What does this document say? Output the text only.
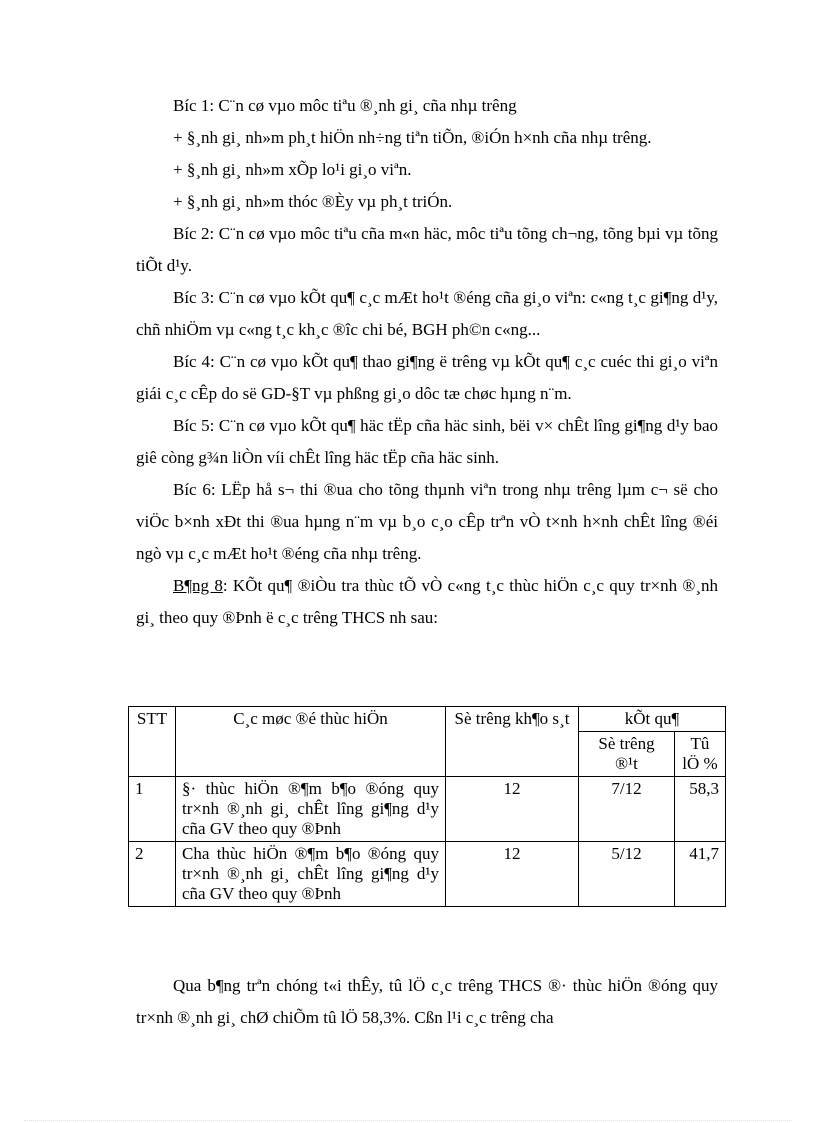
Bíc 1: C¨n cø vµo môc tiªu ®¸nh gi¸ cña nhµ trêng

+ §¸nh gi¸ nh»m ph¸t hiÖn nh÷ng tiªn tiÕn, ®iÓn h×nh cña nhµ trêng.

+ §¸nh gi¸ nh»m xÕp lo¹i gi¸o viªn.

+ §¸nh gi¸ nh»m thóc ®Èy vµ ph¸t triÓn.

Bíc 2: C¨n cø vµo môc tiªu cña m«n häc, môc tiªu tõng ch¬ng, tõng bµi vµ tõng tiÕt d¹y.

Bíc 3: C¨n cø vµo kÕt qu¶ c¸c mÆt ho¹t ®éng cña gi¸o viªn: c«ng t¸c gi¶ng d¹y, chñ nhiÖm vµ c«ng t¸c kh¸c ®îc chi bé, BGH ph©n c«ng...

Bíc 4: C¨n cø vµo kÕt qu¶ thao gi¶ng ë trêng vµ kÕt qu¶ c¸c cuéc thi gi¸o viªn giái c¸c cÊp do së GD-§T vµ phßng gi¸o dôc tæ chøc hµng n¨m.

Bíc 5: C¨n cø vµo kÕt qu¶ häc tËp cña häc sinh, bëi v× chÊt lîng gi¶ng d¹y bao giê còng g¾n liÒn víi chÊt lîng häc tËp cña häc sinh.

Bíc 6: LËp hå s¬ thi ®ua cho tõng thµnh viªn trong nhµ trêng lµm c¬ së cho viÖc b×nh xÐt thi ®ua hµng n¨m vµ b¸o c¸o cÊp trªn vÒ t×nh h×nh chÊt lîng ®éi ngò vµ c¸c mÆt ho¹t ®éng cña nhµ trêng.

B¶ng 8: KÕt qu¶ ®iÒu tra thùc tÕ vÒ c«ng t¸c thùc hiÖn c¸c quy tr×nh ®¸nh gi¸ theo quy ®Þnh ë c¸c trêng THCS nh sau:

STT	C¸c møc ®é thùc hiÖn	Sè trêng kh¶o s¸t	kÕt qu¶	
			Sè trêng ®¹t	Tû lÖ %
1	§· thùc hiÖn ®¶m b¶o ®óng quy tr×nh ®¸nh gi¸ chÊt lîng gi¶ng d¹y cña GV theo quy ®Þnh	12	7/12	58,3
2	Cha thùc hiÖn ®¶m b¶o ®óng quy tr×nh ®¸nh gi¸ chÊt lîng gi¶ng d¹y cña GV theo quy ®Þnh	12	5/12	41,7

Qua b¶ng trªn chóng t«i thÊy, tû lÖ c¸c trêng THCS ®· thùc hiÖn ®óng quy tr×nh ®¸nh gi¸ chØ chiÕm tû lÖ 58,3%. Cßn l¹i c¸c trêng cha
